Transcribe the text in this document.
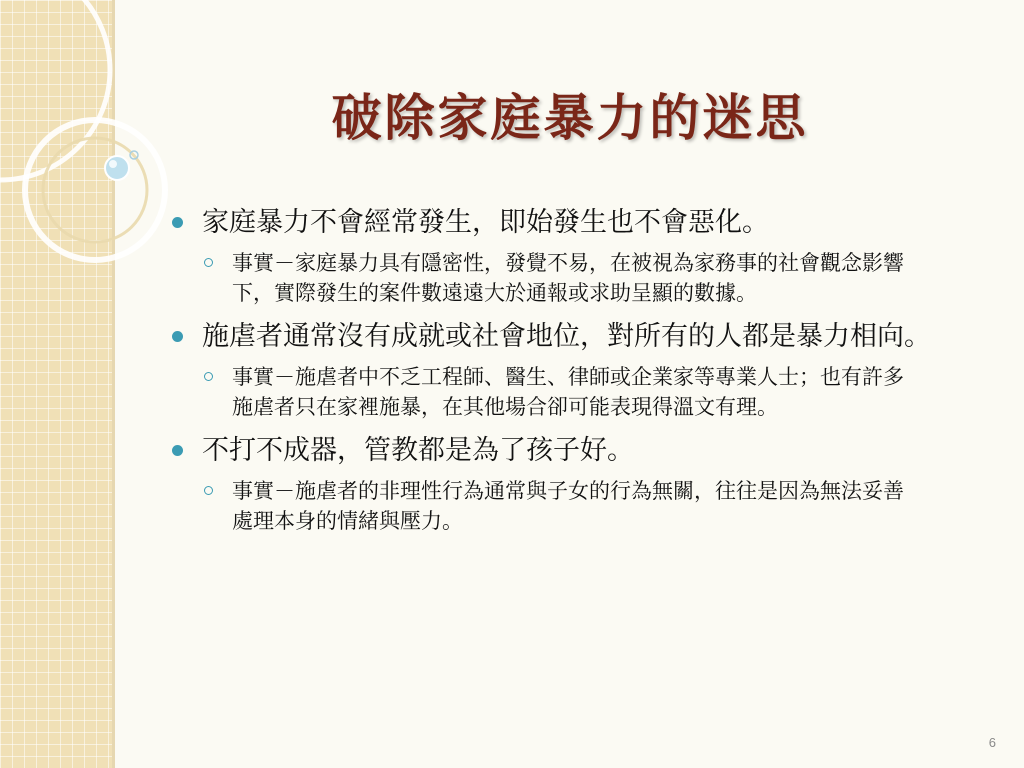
破除家庭暴力的迷思

家庭暴力不會經常發生，即始發生也不會惡化。

事實－家庭暴力具有隱密性，發覺不易，在被視為家務事的社會觀念影響下，實際發生的案件數遠遠大於通報或求助呈顯的數據。

施虐者通常沒有成就或社會地位，對所有的人都是暴力相向。

事實－施虐者中不乏工程師、醫生、律師或企業家等專業人士；也有許多施虐者只在家裡施暴，在其他場合卻可能表現得溫文有理。

不打不成器，管教都是為了孩子好。

事實－施虐者的非理性行為通常與子女的行為無關，往往是因為無法妥善處理本身的情緒與壓力。

6
